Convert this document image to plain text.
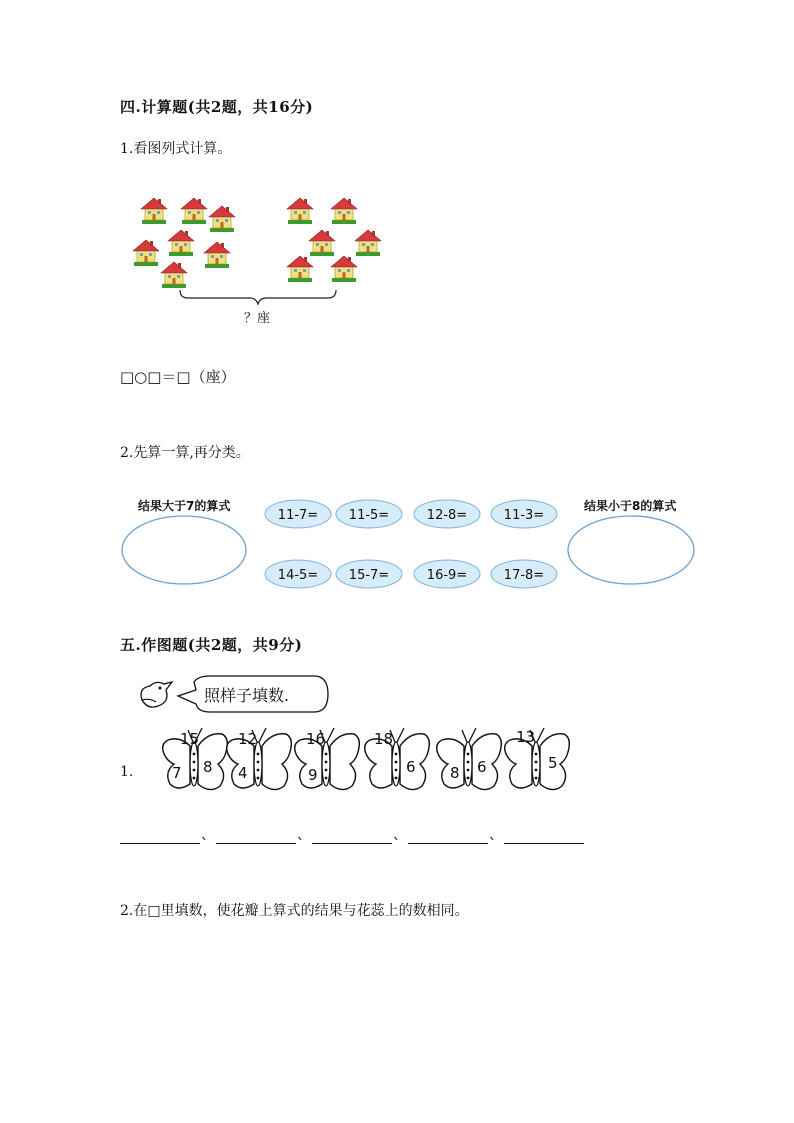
四.计算题(共2题，共16分)
1.看图列式计算。
？座
□○□＝□（座）
2.先算一算,再分类。
结果大于7的算式	结果小于8的算式
11-7= 11-5=	12-8=	11-3=
14-5= 15-7=	16-9=	17-8=
五.作图题(共2题，共9分)
照样子填数.
1.
15
7 8
12
4
16
9
18
6 8 6
13
5
、	、	、	、
2.在□里填数，使花瓣上算式的结果与花蕊上的数相同。
